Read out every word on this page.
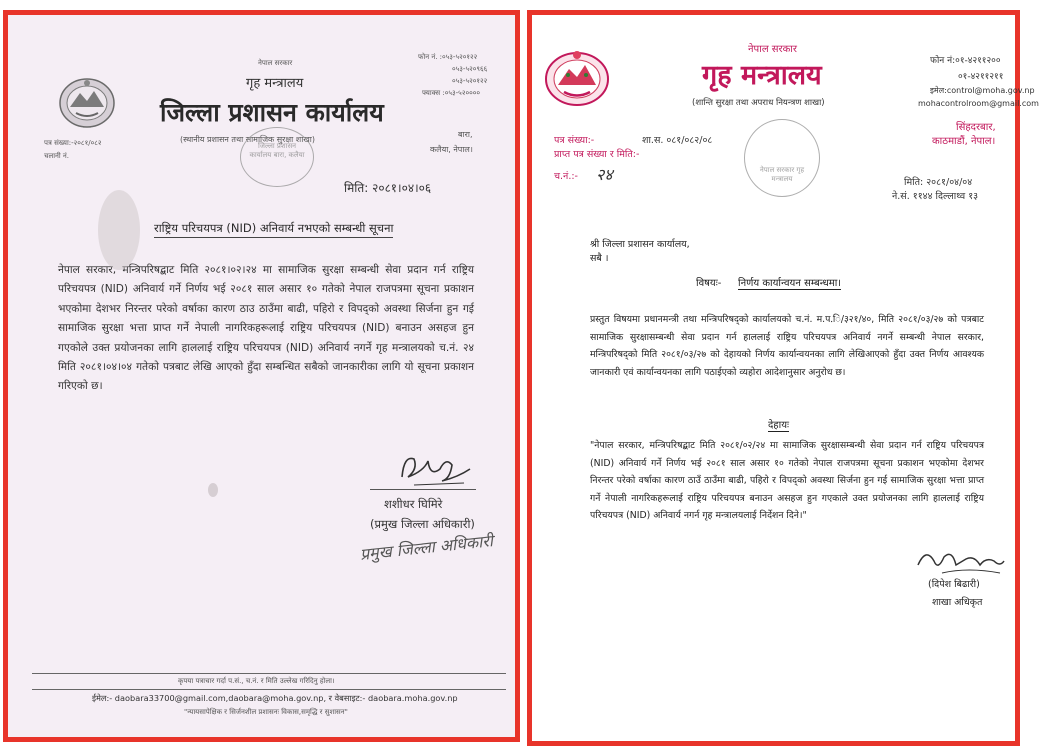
नेपाल सरकार
गृह मन्त्रालय
जिल्ला प्रशासन कार्यालय
फोन नं. :०५३-५२०१२२
०५३-५२०९६६
०५३-५२०१२२
फ्याक्स :०५३-५२००००
(स्थानीय प्रशासन तथा सामाजिक सुरक्षा शाखा)
पत्र संख्या:-२०८१/०८२
चलानी नं.
बारा,
कलैया, नेपाल।
जिल्ला प्रशासन कार्यालय बारा, कलैया
मिति: २०८१।०४।०६
राष्ट्रिय परिचयपत्र (NID) अनिवार्य नभएको सम्बन्धी सूचना
नेपाल सरकार, मन्त्रिपरिषद्बाट मिति २०८१।०२।२४ मा सामाजिक सुरक्षा सम्बन्धी सेवा प्रदान गर्न राष्ट्रिय परिचयपत्र (NID) अनिवार्य गर्ने निर्णय भई २०८१ साल असार १० गतेको नेपाल राजपत्रमा सूचना प्रकाशन भएकोमा देशभर निरन्तर परेको वर्षाका कारण ठाउ ठाउँमा बाढी, पहिरो र विपद्को अवस्था सिर्जना हुन गई सामाजिक सुरक्षा भत्ता प्राप्त गर्ने नेपाली नागरिकहरूलाई राष्ट्रिय परिचयपत्र (NID) बनाउन असहज हुन गएकोले उक्त प्रयोजनका लागि हाललाई राष्ट्रिय परिचयपत्र (NID) अनिवार्य नगर्ने गृह मन्त्रालयको च.नं. २४ मिति २०८१।०४।०४ गतेको पत्रबाट लेखि आएको हुँदा सम्बन्धित सबैको जानकारीका लागि यो सूचना प्रकाशन गरिएको छ।
शशीधर घिमिरे
(प्रमुख जिल्ला अधिकारी)
प्रमुख जिल्ला अधिकारी
कृपया पत्राचार गर्दा प.सं., च.नं. र मिति उल्लेख गरिदिनु होला।
ईमेल:- daobara33700@gmail.com,daobara@moha.gov.np, र वेबसाइट:- daobara.moha.gov.np
"न्यायसापेक्षिक र सिर्जनशील प्रशासनः विकास,समृद्धि र सुशासन"
नेपाल सरकार
गृह मन्त्रालय
(शान्ति सुरक्षा तथा अपराध नियन्त्रण शाखा)
फोन नं:०१-४२११२००
०१-४२११२११
इमेल:control@moha.gov.np
mohacontrolroom@gmail.com
सिंहदरबार,
काठमाडौं, नेपाल।
पत्र संख्या:-	शा.स. ०८१/०८२/०८
प्राप्त पत्र संख्या र मिति:-
च.नं.:- २४	नेपाल सरकार गृह मन्त्रालय	मिति: २०८१/०४/०४
ने.सं. ११४४ दिल्लाथ्व १३
श्री जिल्ला प्रशासन कार्यालय,
सबै ।
विषयः- निर्णय कार्यान्वयन सम्बन्धमा।
प्रस्तुत विषयमा प्रधानमन्त्री तथा मन्त्रिपरिषद्को कार्यालयको च.नं. म.प.ि/३२१/४०, मिति २०८१/०३/२७ को पत्रबाट सामाजिक सुरक्षासम्बन्धी सेवा प्रदान गर्न हाललाई राष्ट्रिय परिचयपत्र अनिवार्य नगर्ने सम्बन्धी नेपाल सरकार, मन्त्रिपरिषद्को मिति २०८१/०३/२७ को देहायको निर्णय कार्यान्वयनका लागि लेखिआएको हुँदा उक्त निर्णय आवश्यक जानकारी एवं कार्यान्वयनका लागि पठाईएको व्यहोरा आदेशानुसार अनुरोध छ।
देहायः
"नेपाल सरकार, मन्त्रिपरिषद्बाट मिति २०८१/०२/२४ मा सामाजिक सुरक्षासम्बन्धी सेवा प्रदान गर्न राष्ट्रिय परिचयपत्र (NID) अनिवार्य गर्ने निर्णय भई २०८१ साल असार १० गतेको नेपाल राजपत्रमा सूचना प्रकाशन भएकोमा देशभर निरन्तर परेको वर्षाका कारण ठाउँ ठाउँमा बाढी, पहिरो र विपद्को अवस्था सिर्जना हुन गई सामाजिक सुरक्षा भत्ता प्राप्त गर्ने नेपाली नागरिकहरूलाई राष्ट्रिय परिचयपत्र बनाउन असहज हुन गएकाले उक्त प्रयोजनका लागि हाललाई राष्ट्रिय परिचयपत्र (NID) अनिवार्य नगर्न गृह मन्त्रालयलाई निर्देशन दिने।"
(दिपेश बिढारी)
शाखा अधिकृत
